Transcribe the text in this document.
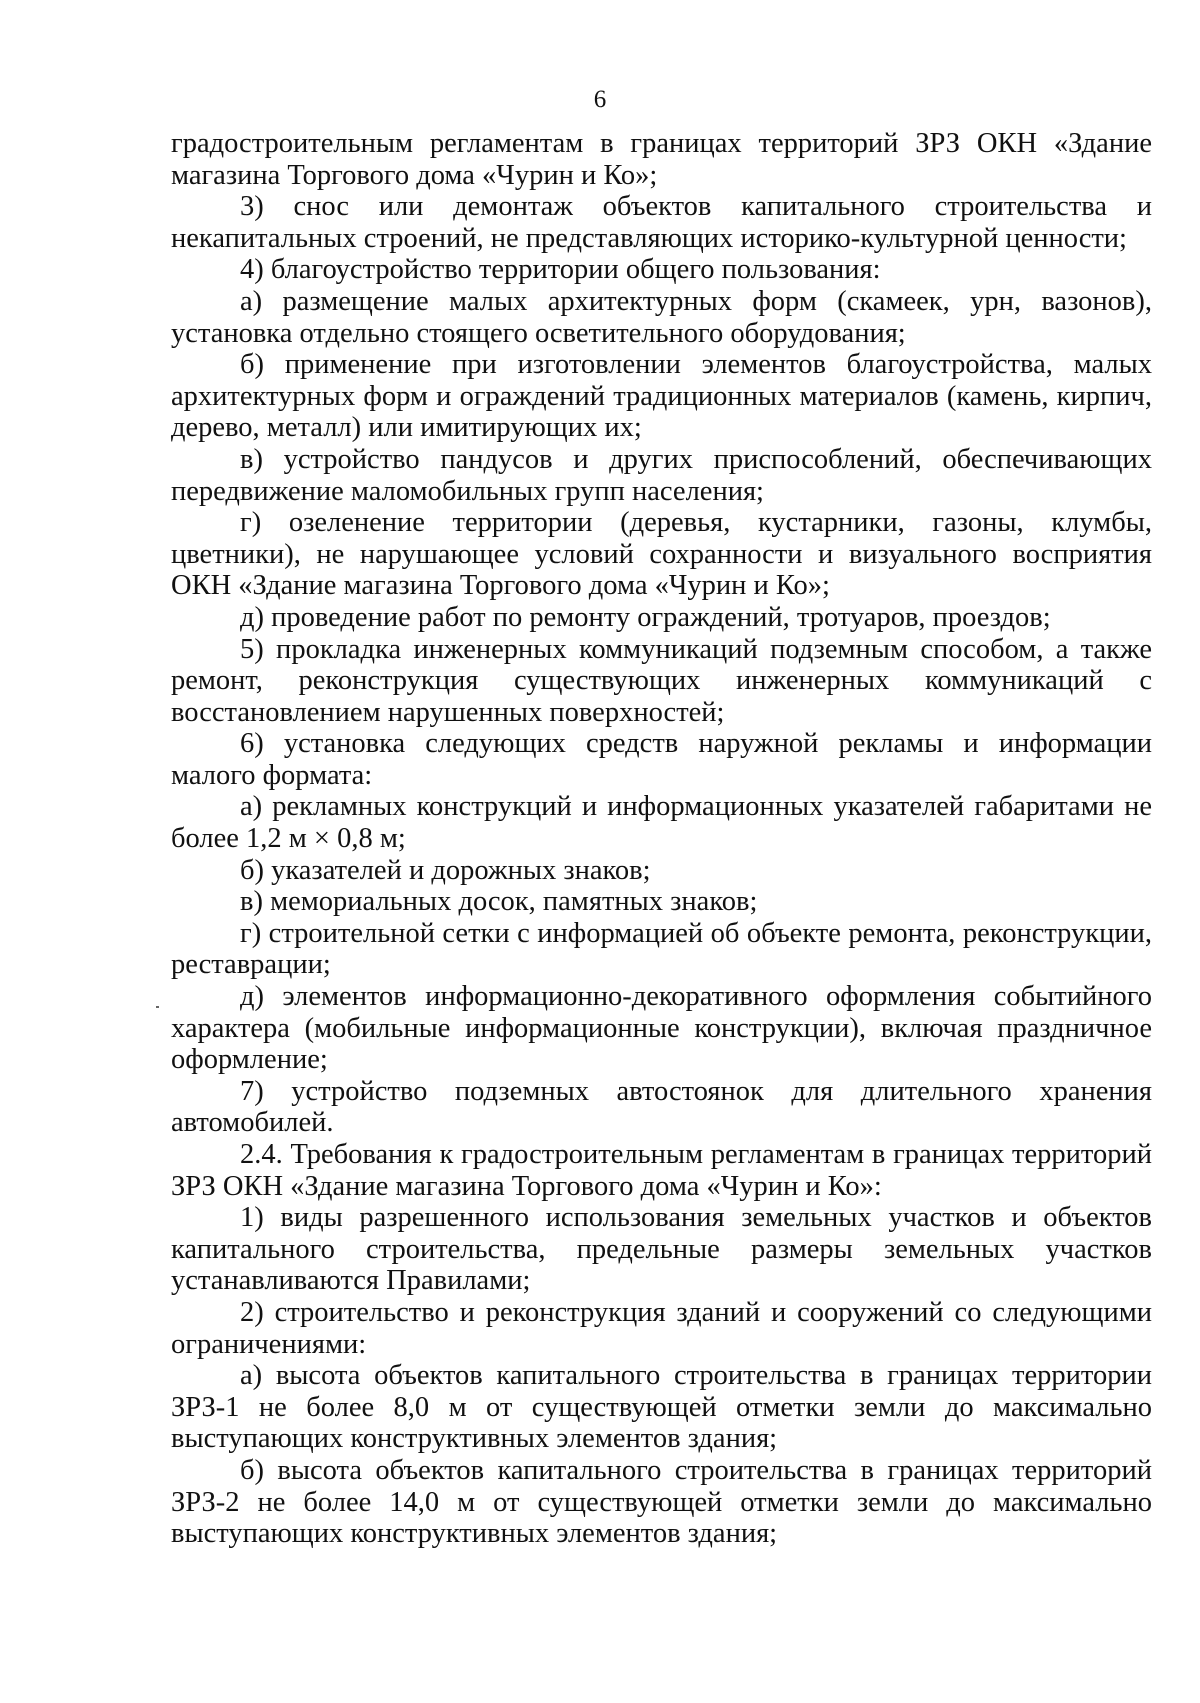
6

градостроительным регламентам в границах территорий ЗРЗ ОКН «Здание магазина Торгового дома «Чурин и Ко»;

3) снос или демонтаж объектов капитального строительства и некапитальных строений, не представляющих историко-культурной ценности;

4) благоустройство территории общего пользования:

а) размещение малых архитектурных форм (скамеек, урн, вазонов), установка отдельно стоящего осветительного оборудования;

б) применение при изготовлении элементов благоустройства, малых архитектурных форм и ограждений традиционных материалов (камень, кирпич, дерево, металл) или имитирующих их;

в) устройство пандусов и других приспособлений, обеспечивающих передвижение маломобильных групп населения;

г) озеленение территории (деревья, кустарники, газоны, клумбы, цветники), не нарушающее условий сохранности и визуального восприятия ОКН «Здание магазина Торгового дома «Чурин и Ко»;

д) проведение работ по ремонту ограждений, тротуаров, проездов;

5) прокладка инженерных коммуникаций подземным способом, а также ремонт, реконструкция существующих инженерных коммуникаций с восстановлением нарушенных поверхностей;

6) установка следующих средств наружной рекламы и информации малого формата:

а) рекламных конструкций и информационных указателей габаритами не более 1,2 м × 0,8 м;

б) указателей и дорожных знаков;

в) мемориальных досок, памятных знаков;

г) строительной сетки с информацией об объекте ремонта, реконструкции, реставрации;

д) элементов информационно-декоративного оформления событийного характера (мобильные информационные конструкции), включая праздничное оформление;

7) устройство подземных автостоянок для длительного хранения автомобилей.

2.4. Требования к градостроительным регламентам в границах территорий ЗРЗ ОКН «Здание магазина Торгового дома «Чурин и Ко»:

1) виды разрешенного использования земельных участков и объектов капитального строительства, предельные размеры земельных участков устанавливаются Правилами;

2) строительство и реконструкция зданий и сооружений со следующими ограничениями:

а) высота объектов капитального строительства в границах территории ЗРЗ-1 не более 8,0 м от существующей отметки земли до максимально выступающих конструктивных элементов здания;

б) высота объектов капитального строительства в границах территорий ЗРЗ-2 не более 14,0 м от существующей отметки земли до максимально выступающих конструктивных элементов здания;
